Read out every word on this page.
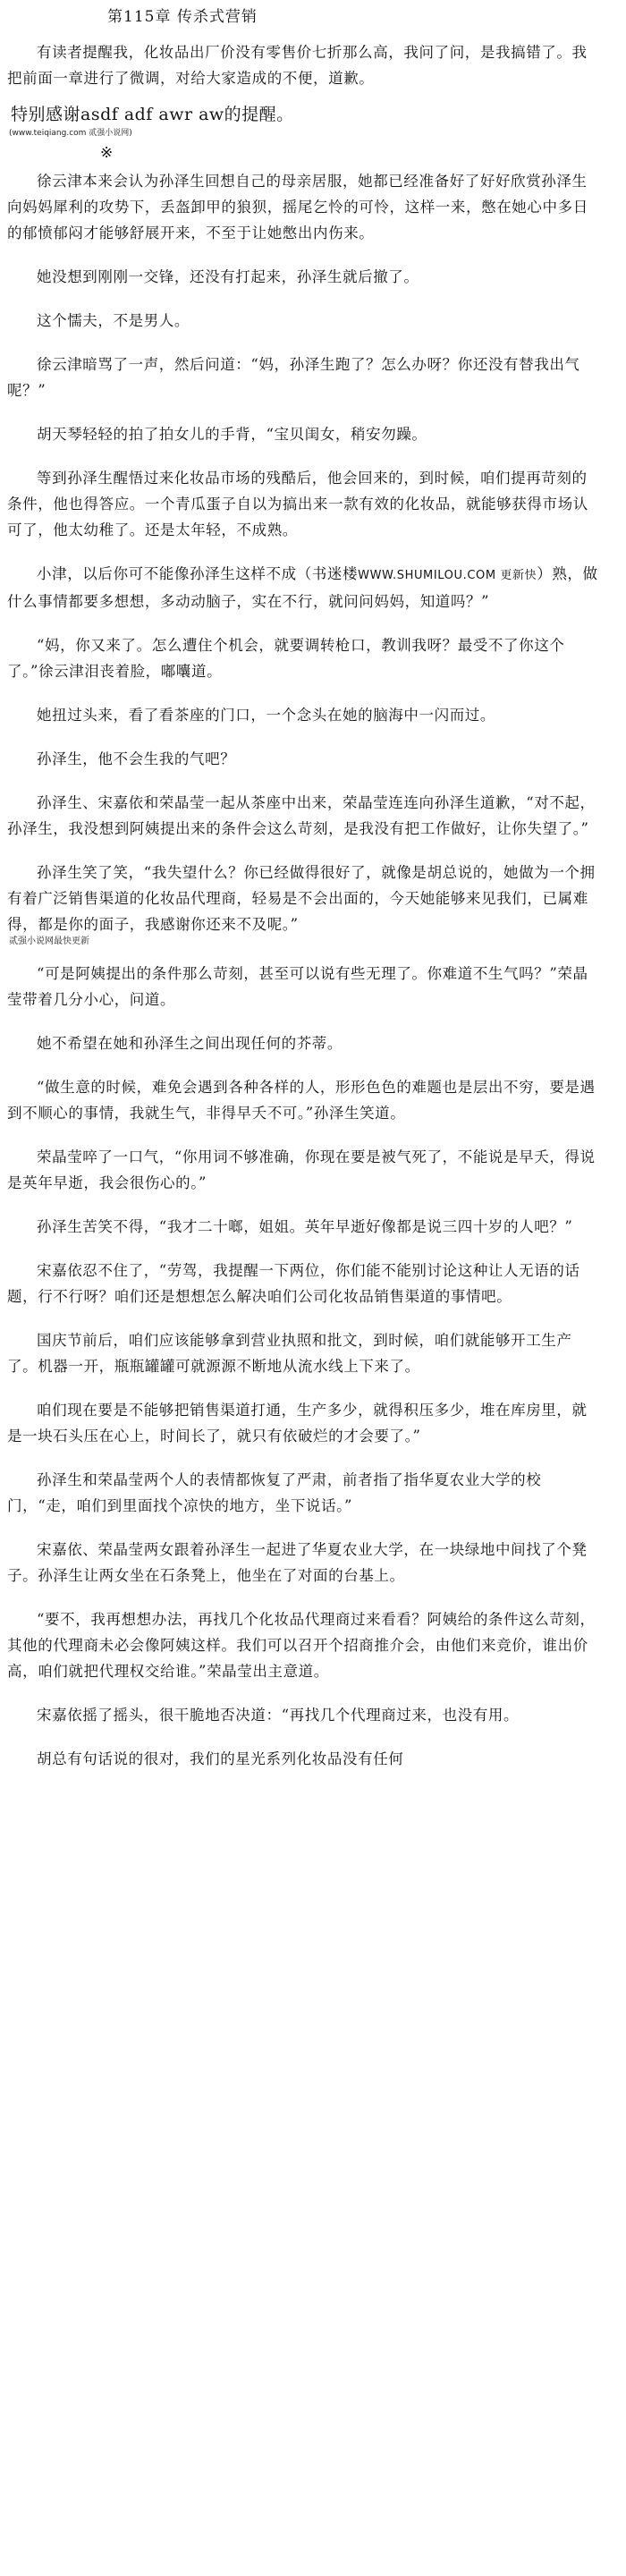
第115章 传杀式营销

有读者提醒我，化妆品出厂价没有零售价七折那么高，我问了问，是我搞错了。我把前面一章进行了微调，对给大家造成的不便，道歉。

特别感谢asdf adf awr aw的提醒。

(www.teiqiang.com 贰强小说网)

※

徐云津本来会认为孙泽生回想自己的母亲居服，她都已经准备好了好好欣赏孙泽生向妈妈犀利的攻势下，丢盔卸甲的狼狈，摇尾乞怜的可怜，这样一来，憋在她心中多日的郁愤郁闷才能够舒展开来，不至于让她憋出内伤来。

她没想到刚刚一交锋，还没有打起来，孙泽生就后撤了。

这个懦夫，不是男人。

徐云津暗骂了一声，然后问道：“妈，孙泽生跑了？怎么办呀？你还没有替我出气呢？”

胡天琴轻轻的拍了拍女儿的手背，“宝贝闺女，稍安勿躁。

等到孙泽生醒悟过来化妆品市场的残酷后，他会回来的，到时候，咱们提再苛刻的条件，他也得答应。一个青瓜蛋子自以为搞出来一款有效的化妆品，就能够获得市场认可了，他太幼稚了。还是太年轻，不成熟。

小津，以后你可不能像孙泽生这样不成（书迷楼WWW.SHUMILOU.COM 更新快）熟，做什么事情都要多想想，多动动脑子，实在不行，就问问妈妈，知道吗？”

“妈，你又来了。怎么遭住个机会，就要调转枪口，教训我呀？最受不了你这个了。”徐云津泪丧着脸，嘟囔道。

她扭过头来，看了看茶座的门口，一个念头在她的脑海中一闪而过。

孙泽生，他不会生我的气吧？

孙泽生、宋嘉依和荣晶莹一起从茶座中出来，荣晶莹连连向孙泽生道歉，“对不起，孙泽生，我没想到阿姨提出来的条件会这么苛刻，是我没有把工作做好，让你失望了。”

孙泽生笑了笑，“我失望什么？你已经做得很好了，就像是胡总说的，她做为一个拥有着广泛销售渠道的化妆品代理商，轻易是不会出面的，今天她能够来见我们，已属难得，都是你的面子，我感谢你还来不及呢。”

贰强小说网最快更新

“可是阿姨提出的条件那么苛刻，甚至可以说有些无理了。你难道不生气吗？”荣晶莹带着几分小心，问道。

她不希望在她和孙泽生之间出现任何的芥蒂。

“做生意的时候，难免会遇到各种各样的人，形形色色的难题也是层出不穷，要是遇到不顺心的事情，我就生气，非得早夭不可。”孙泽生笑道。

荣晶莹啐了一口气，“你用词不够准确，你现在要是被气死了，不能说是早夭，得说是英年早逝，我会很伤心的。”

孙泽生苦笑不得，“我才二十啷，姐姐。英年早逝好像都是说三四十岁的人吧？”

宋嘉依忍不住了，“劳驾，我提醒一下两位，你们能不能别讨论这种让人无语的话题，行不行呀？咱们还是想想怎么解决咱们公司化妆品销售渠道的事情吧。

国庆节前后，咱们应该能够拿到营业执照和批文，到时候，咱们就能够开工生产了。机器一开，瓶瓶罐罐可就源源不断地从流水线上下来了。

咱们现在要是不能够把销售渠道打通，生产多少，就得积压多少，堆在库房里，就是一块石头压在心上，时间长了，就只有依破烂的才会要了。”

孙泽生和荣晶莹两个人的表情都恢复了严肃，前者指了指华夏农业大学的校门，“走，咱们到里面找个凉快的地方，坐下说话。”

宋嘉依、荣晶莹两女跟着孙泽生一起进了华夏农业大学，在一块绿地中间找了个凳子。孙泽生让两女坐在石条凳上，他坐在了对面的台基上。

“要不，我再想想办法，再找几个化妆品代理商过来看看？阿姨给的条件这么苛刻，其他的代理商未必会像阿姨这样。我们可以召开个招商推介会，由他们来竞价，谁出价高，咱们就把代理权交给谁。”荣晶莹出主意道。

宋嘉依摇了摇头，很干脆地否决道：“再找几个代理商过来，也没有用。

胡总有句话说的很对，我们的星光系列化妆品没有任何
